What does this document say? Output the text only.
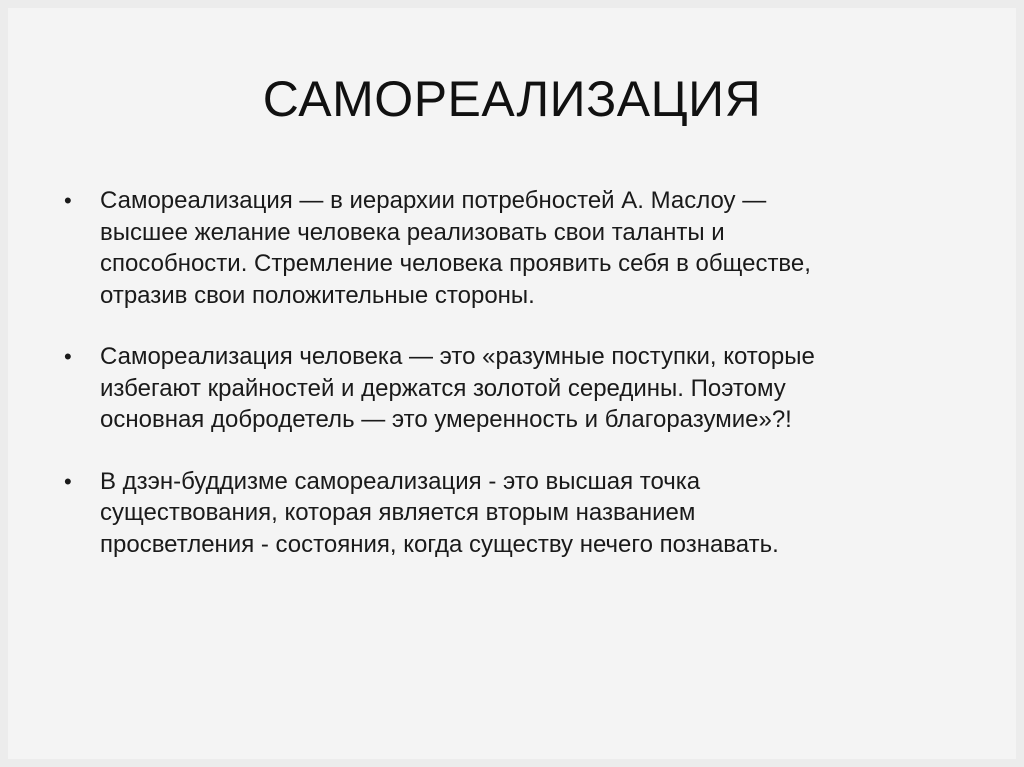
САМОРЕАЛИЗАЦИЯ
• Самореализация — в иерархии потребностей А. Маслоу —
высшее желание человека реализовать свои таланты и
способности. Стремление человека проявить себя в обществе,
отразив свои положительные стороны.
• Самореализация человека — это «разумные поступки, которые
избегают крайностей и держатся золотой середины. Поэтому
основная добродетель — это умеренность и благоразумие»?!
• В дзэн-буддизме самореализация - это высшая точка
существования, которая является вторым названием
просветления - состояния, когда существу нечего познавать.
